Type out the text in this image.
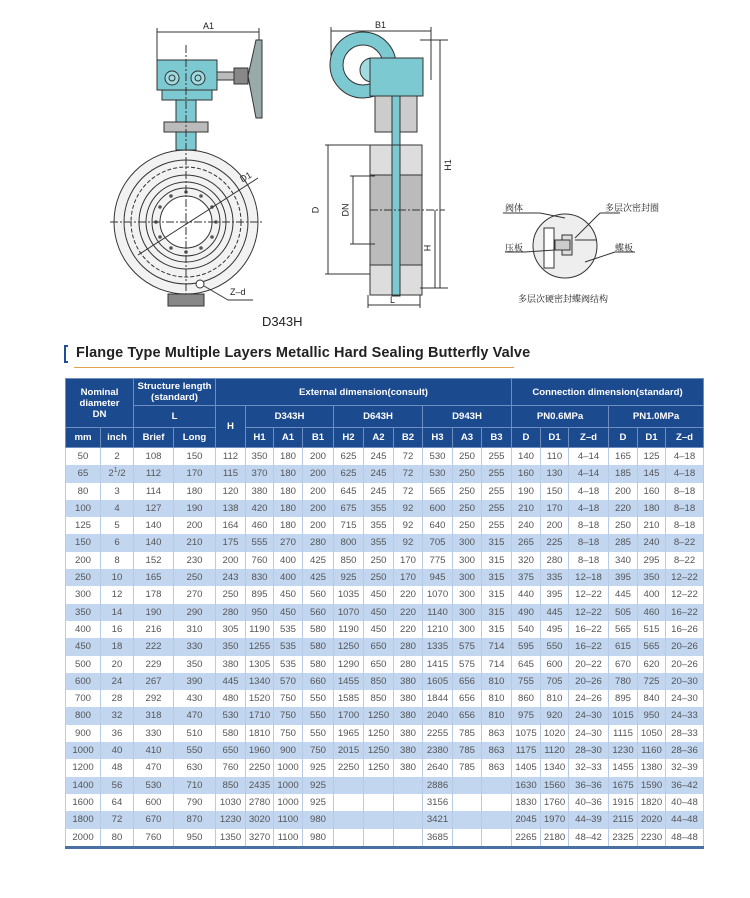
A1
D1
Z–d
D343H
B1
H1
D DN
H
L
阀体	多层次密封圈
压板	蝶板
多层次硬密封蝶阀结构
Flange Type Multiple Layers Metallic Hard Sealing Butterfly Valve
Nominal
diameter
DN	Structure length
(standard)	External dimension(consult)	Connection dimension(standard)
L	H	D343H	D643H	D943H	PN0.6MPa	PN1.0MPa
mm	inch	Brief	Long	H1	A1	B1	H2	A2	B2	H3	A3	B3	D	D1	Z–d	D	D1	Z–d
50	2	108	150	112	350	180	200	625	245	72	530	250	255	140	110	4–14	165	125	4–18
65	$2^1/2$	112	170	115	370	180	200	625	245	72	530	250	255	160	130	4–14	185	145	4–18
80	3	114	180	120	380	180	200	645	245	72	565	250	255	190	150	4–18	200	160	8–18
100	4	127	190	138	420	180	200	675	355	92	600	250	255	210	170	4–18	220	180	8–18
125	5	140	200	164	460	180	200	715	355	92	640	250	255	240	200	8–18	250	210	8–18
150	6	140	210	175	555	270	280	800	355	92	705	300	315	265	225	8–18	285	240	8–22
200	8	152	230	200	760	400	425	850	250	170	775	300	315	320	280	8–18	340	295	8–22
250	10	165	250	243	830	400	425	925	250	170	945	300	315	375	335	12–18	395	350	12–22
300	12	178	270	250	895	450	560	1035	450	220	1070	300	315	440	395	12–22	445	400	12–22
350	14	190	290	280	950	450	560	1070	450	220	1140	300	315	490	445	12–22	505	460	16–22
400	16	216	310	305	1190	535	580	1190	450	220	1210	300	315	540	495	16–22	565	515	16–26
450	18	222	330	350	1255	535	580	1250	650	280	1335	575	714	595	550	16–22	615	565	20–26
500	20	229	350	380	1305	535	580	1290	650	280	1415	575	714	645	600	20–22	670	620	20–26
600	24	267	390	445	1340	570	660	1455	850	380	1605	656	810	755	705	20–26	780	725	20–30
700	28	292	430	480	1520	750	550	1585	850	380	1844	656	810	860	810	24–26	895	840	24–30
800	32	318	470	530	1710	750	550	1700	1250	380	2040	656	810	975	920	24–30	1015	950	24–33
900	36	330	510	580	1810	750	550	1965	1250	380	2255	785	863	1075	1020	24–30	1115	1050	28–33
1000	40	410	550	650	1960	900	750	2015	1250	380	2380	785	863	1175	1120	28–30	1230	1160	28–36
1200	48	470	630	760	2250	1000	925	2250	1250	380	2640	785	863	1405	1340	32–33	1455	1380	32–39
1400	56	530	710	850	2435	1000	925				2886			1630	1560	36–36	1675	1590	36–42
1600	64	600	790	1030	2780	1000	925				3156			1830	1760	40–36	1915	1820	40–48
1800	72	670	870	1230	3020	1100	980				3421			2045	1970	44–39	2115	2020	44–48
2000	80	760	950	1350	3270	1100	980				3685			2265	2180	48–42	2325	2230	48–48
